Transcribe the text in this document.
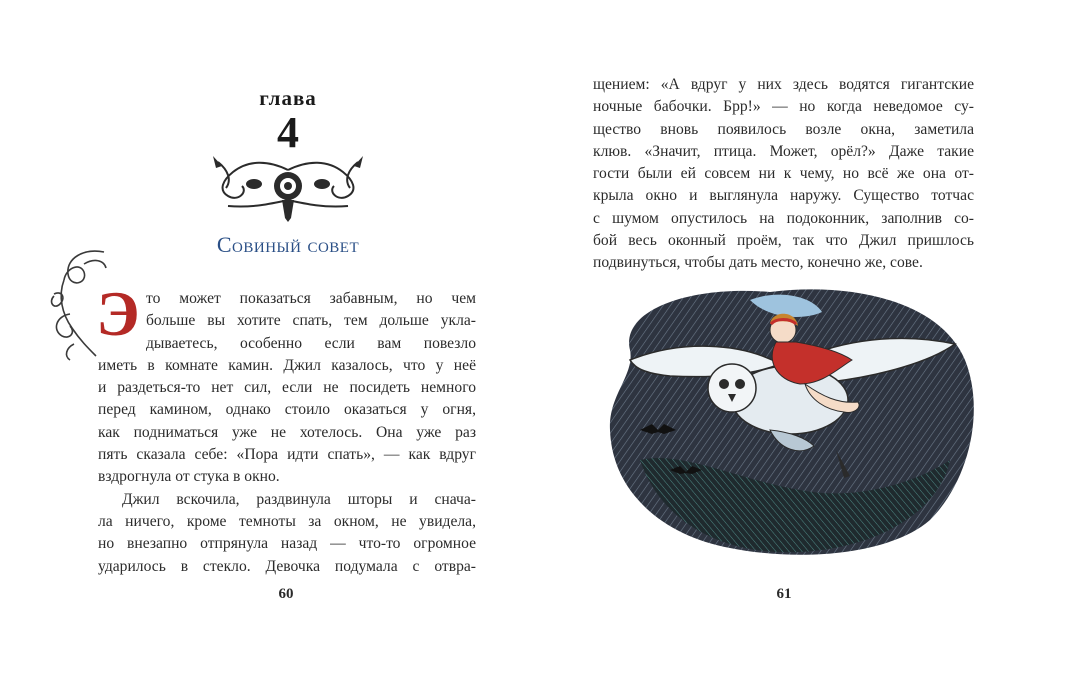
глава
4
Совиный совет
Э то может показаться забавным, но чем
больше вы хотите спать, тем дольше укла-
дываетесь, особенно если вам повезло
иметь в комнате камин. Джил казалось, что у неё
и раздеться-то нет сил, если не посидеть немного
перед камином, однако стоило оказаться у огня,
как подниматься уже не хотелось. Она уже раз
пять сказала себе: «Пора идти спать», — как вдруг
вздрогнула от стука в окно.
Джил вскочила, раздвинула шторы и снача-
ла ничего, кроме темноты за окном, не увидела,
но внезапно отпрянула назад — что-то огромное
ударилось в стекло. Девочка подумала с отвра-
60	61
щением: «А вдруг у них здесь водятся гигантские
ночные бабочки. Брр!» — но когда неведомое су-
щество вновь появилось возле окна, заметила
клюв. «Значит, птица. Может, орёл?» Даже такие
гости были ей совсем ни к чему, но всё же она от-
крыла окно и выглянула наружу. Существо тотчас
с шумом опустилось на подоконник, заполнив со-
бой весь оконный проём, так что Джил пришлось
подвинуться, чтобы дать место, конечно же, сове.
